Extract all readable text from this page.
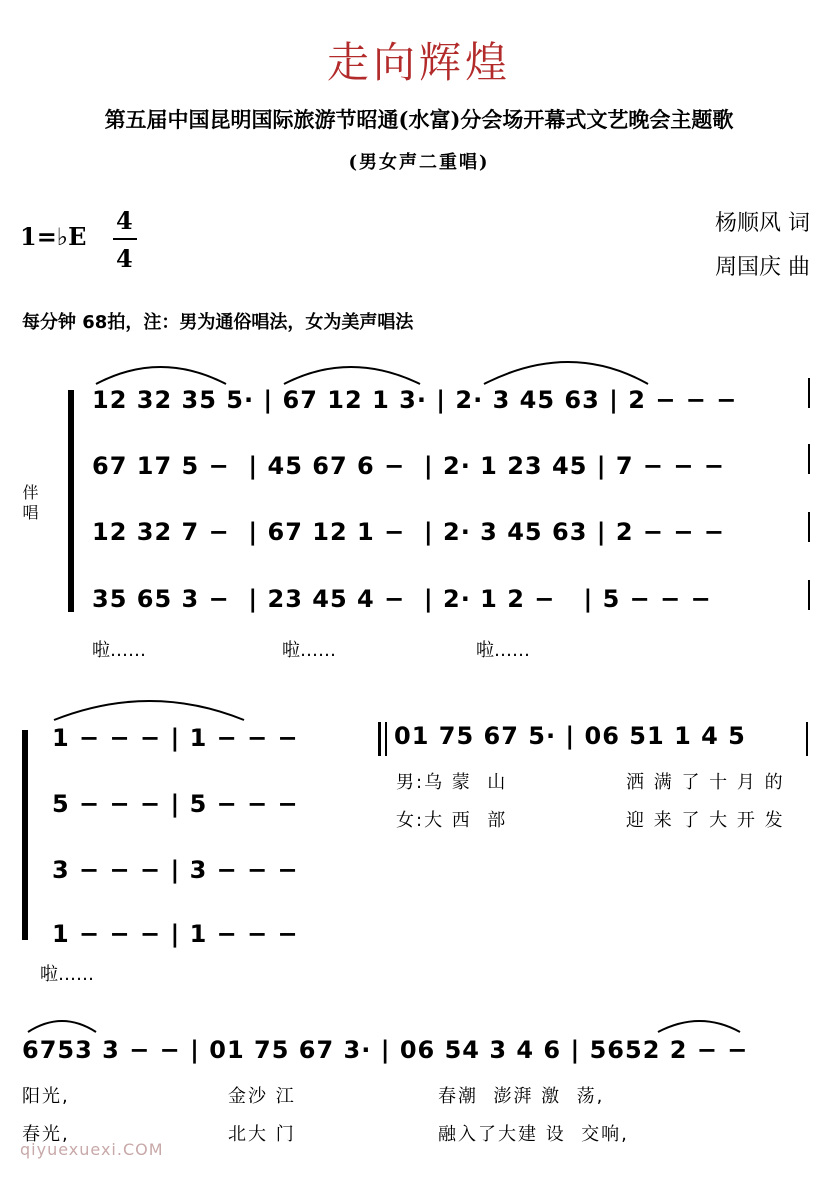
走向辉煌
第五届中国昆明国际旅游节昭通(水富)分会场开幕式文艺晚会主题歌
(男女声二重唱)
1=♭E
4
4
杨顺风 词
周国庆 曲
每分钟 68拍，注：男为通俗唱法，女为美声唱法
伴唱
12 32 35 5· | 67 12 1 3· | 2· 3 45 63 | 2 − − −
67 17 5 −  | 45 67 6 −  | 2· 1 23 45 | 7 − − −
12 32 7 −  | 67 12 1 −  | 2· 3 45 63 | 2 − − −
35 65 3 −  | 23 45 4 −  | 2· 1 2 −   | 5 − − −
啦……	啦……	啦……
1 − − − | 1 − − −
5 − − − | 5 − − −
3 − − − | 3 − − −
1 − − − | 1 − − −
啦……
01 75 67 5· | 06 51 1 4 5
男:乌 蒙  山	洒 满 了 十 月 的
女:大 西  部	迎 来 了 大 开 发
6753 3 − − | 01 75 67 3· | 06 54 3 4 6 | 5652 2 − −
阳光,	金沙 江	春潮  澎湃 激  荡,
春光,	北大 门	融入了大建 设  交响,
qiyuexuexi.COM
